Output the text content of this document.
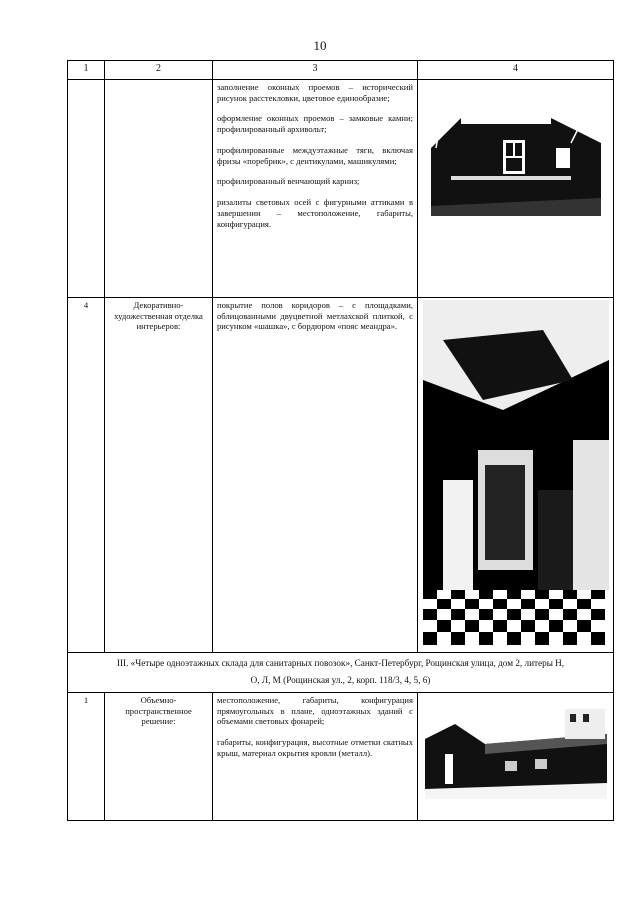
10
1	2	3	4

		заполнение оконных проемов – исторический рисунок расстекловки, цветовое единообразие;

оформление оконных проемов – замковые камни; профилированный архивольт;

профилированные междуэтажные тяги, включая фризы «поребрик», с дентикулами, машикулями;

профилированный венчающий карниз;

ризалиты световых осей с фигурными аттиками в завершении – местоположение, габариты, конфигурация.

4	Декоративно-художественная отделка интерьеров:	покрытие полов коридоров – с площадками, облицованными двуцветной метлахской плиткой, с рисунком «шашка», с бордюром «пояс меандра».

III. «Четыре одноэтажных склада для санитарных повозок», Санкт-Петербург, Рощинская улица, дом 2, литеры Н,
О, Л, М (Рощинская ул., 2, корп. 118/3, 4, 5, 6)			

1	Объемно-пространственное решение:	местоположение, габариты, конфигурация прямоугольных в плане, одноэтажных зданий с объемами световых фонарей;

габариты, конфигурация, высотные отметки скатных крыш, материал окрытия кровли (металл).
